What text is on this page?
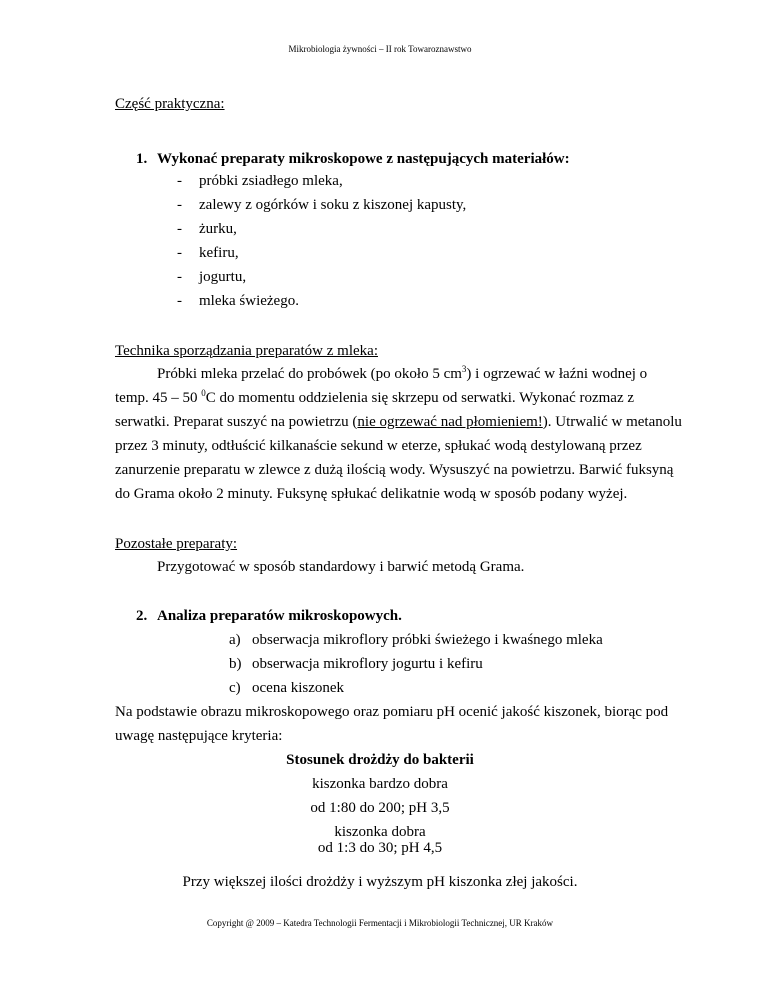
Mikrobiologia żywności – II rok Towaroznawstwo
Część praktyczna:
1. Wykonać preparaty mikroskopowe z następujących materiałów:
- próbki zsiadłego mleka,
- zalewy z ogórków i soku z kiszonej kapusty,
- żurku,
- kefiru,
- jogurtu,
- mleka świeżego.
Technika sporządzania preparatów z mleka:
Próbki mleka przelać do probówek (po około 5 $cm^3$) i ogrzewać w łaźni wodnej o
temp. 45 – 50 $^0$C do momentu oddzielenia się skrzepu od serwatki. Wykonać rozmaz z
serwatki. Preparat suszyć na powietrzu (nie ogrzewać nad płomieniem!). Utrwalić w metanolu
przez 3 minuty, odtłuścić kilkanaście sekund w eterze, spłukać wodą destylowaną przez
zanurzenie preparatu w zlewce z dużą ilością wody. Wysuszyć na powietrzu. Barwić fuksyną
do Grama około 2 minuty. Fuksynę spłukać delikatnie wodą w sposób podany wyżej.
Pozostałe preparaty:
Przygotować w sposób standardowy i barwić metodą Grama.
2. Analiza preparatów mikroskopowych.
a) obserwacja mikroflory próbki świeżego i kwaśnego mleka
b) obserwacja mikroflory jogurtu i kefiru
c) ocena kiszonek
Na podstawie obrazu mikroskopowego oraz pomiaru pH ocenić jakość kiszonek, biorąc pod
uwagę następujące kryteria:
Stosunek drożdży do bakterii
kiszonka bardzo dobra
od 1:80 do 200; pH 3,5
kiszonka dobra
od 1:3 do 30; pH 4,5
Przy większej ilości drożdży i wyższym pH kiszonka złej jakości.
Copyright @ 2009 – Katedra Technologii Fermentacji i Mikrobiologii Technicznej, UR Kraków
